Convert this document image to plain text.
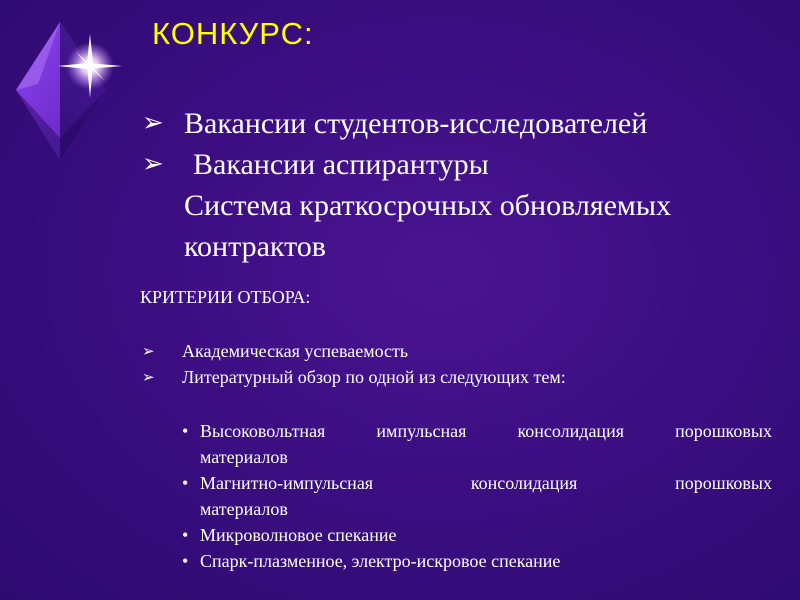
КОНКУРС:
➢ Вакансии студентов-исследователей
➢ Вакансии аспирантуры
Система краткосрочных обновляемых
контрактов
КРИТЕРИИ ОТБОРА:
➢ Академическая успеваемость
➢ Литературный обзор по одной из следующих тем:
• Высоковольтная импульсная консолидация порошковых
материалов
• Магнитно-импульсная консолидация порошковых
материалов
• Микроволновое спекание
• Спарк-плазменное, электро-искровое спекание
